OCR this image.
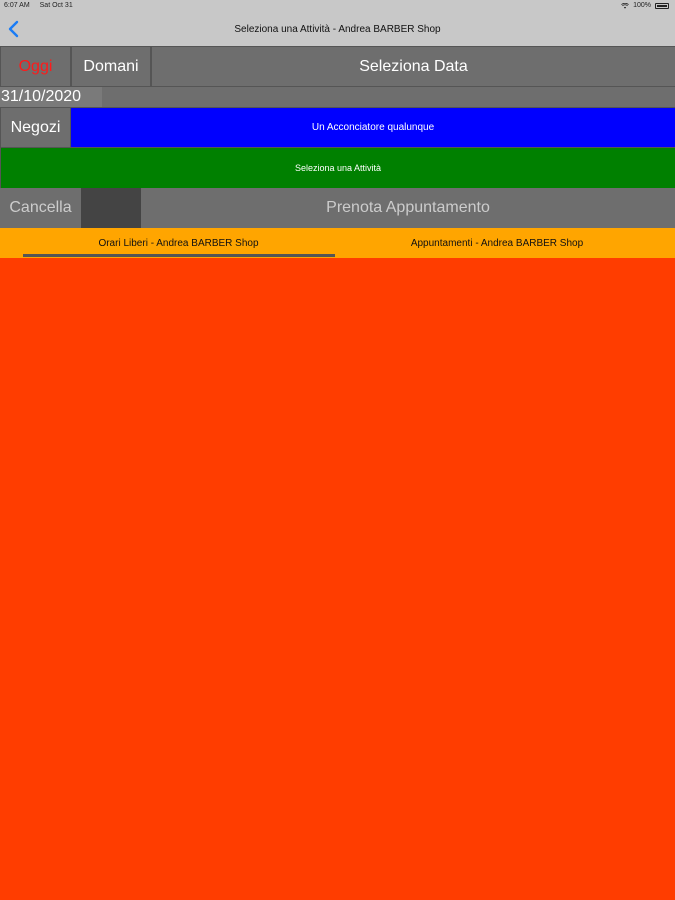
6:07 AM Sat Oct 31	100%
Seleziona una Attività - Andrea BARBER Shop
Oggi	Domani	Seleziona Data
31/10/2020
Negozi	Un Acconciatore qualunque
Seleziona una Attività
Cancella	Prenota Appuntamento
Orari Liberi - Andrea BARBER Shop	Appuntamenti - Andrea BARBER Shop
